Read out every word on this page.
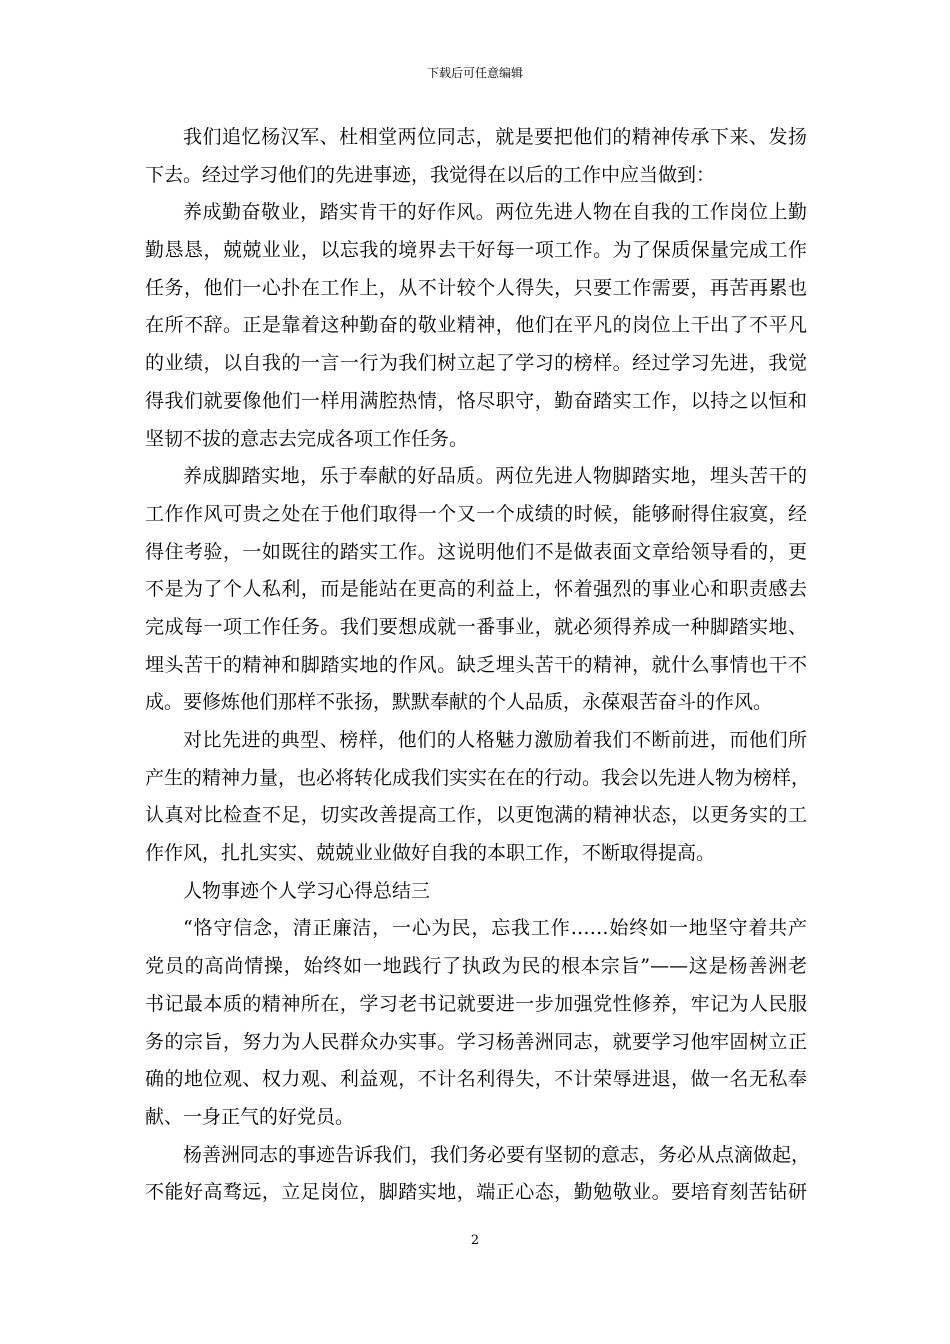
下载后可任意编辑
我们追忆杨汉军、杜相堂两位同志，就是要把他们的精神传承下来、发扬
下去。经过学习他们的先进事迹，我觉得在以后的工作中应当做到：
养成勤奋敬业，踏实肯干的好作风。两位先进人物在自我的工作岗位上勤
勤恳恳，兢兢业业，以忘我的境界去干好每一项工作。为了保质保量完成工作
任务，他们一心扑在工作上，从不计较个人得失，只要工作需要，再苦再累也
在所不辞。正是靠着这种勤奋的敬业精神，他们在平凡的岗位上干出了不平凡
的业绩，以自我的一言一行为我们树立起了学习的榜样。经过学习先进，我觉
得我们就要像他们一样用满腔热情，恪尽职守，勤奋踏实工作，以持之以恒和
坚韧不拔的意志去完成各项工作任务。
养成脚踏实地，乐于奉献的好品质。两位先进人物脚踏实地，埋头苦干的
工作作风可贵之处在于他们取得一个又一个成绩的时候，能够耐得住寂寞，经
得住考验，一如既往的踏实工作。这说明他们不是做表面文章给领导看的，更
不是为了个人私利，而是能站在更高的利益上，怀着强烈的事业心和职责感去
完成每一项工作任务。我们要想成就一番事业，就必须得养成一种脚踏实地、
埋头苦干的精神和脚踏实地的作风。缺乏埋头苦干的精神，就什么事情也干不
成。要修炼他们那样不张扬，默默奉献的个人品质，永葆艰苦奋斗的作风。
对比先进的典型、榜样，他们的人格魅力激励着我们不断前进，而他们所
产生的精神力量，也必将转化成我们实实在在的行动。我会以先进人物为榜样，
认真对比检查不足，切实改善提高工作，以更饱满的精神状态，以更务实的工
作作风，扎扎实实、兢兢业业做好自我的本职工作，不断取得提高。
人物事迹个人学习心得总结三
“恪守信念，清正廉洁，一心为民，忘我工作……始终如一地坚守着共产
党员的高尚情操，始终如一地践行了执政为民的根本宗旨”——这是杨善洲老
书记最本质的精神所在，学习老书记就要进一步加强党性修养，牢记为人民服
务的宗旨，努力为人民群众办实事。学习杨善洲同志，就要学习他牢固树立正
确的地位观、权力观、利益观，不计名利得失，不计荣辱进退，做一名无私奉
献、一身正气的好党员。
杨善洲同志的事迹告诉我们，我们务必要有坚韧的意志，务必从点滴做起，
不能好高骛远，立足岗位，脚踏实地，端正心态，勤勉敬业。要培育刻苦钻研
2
